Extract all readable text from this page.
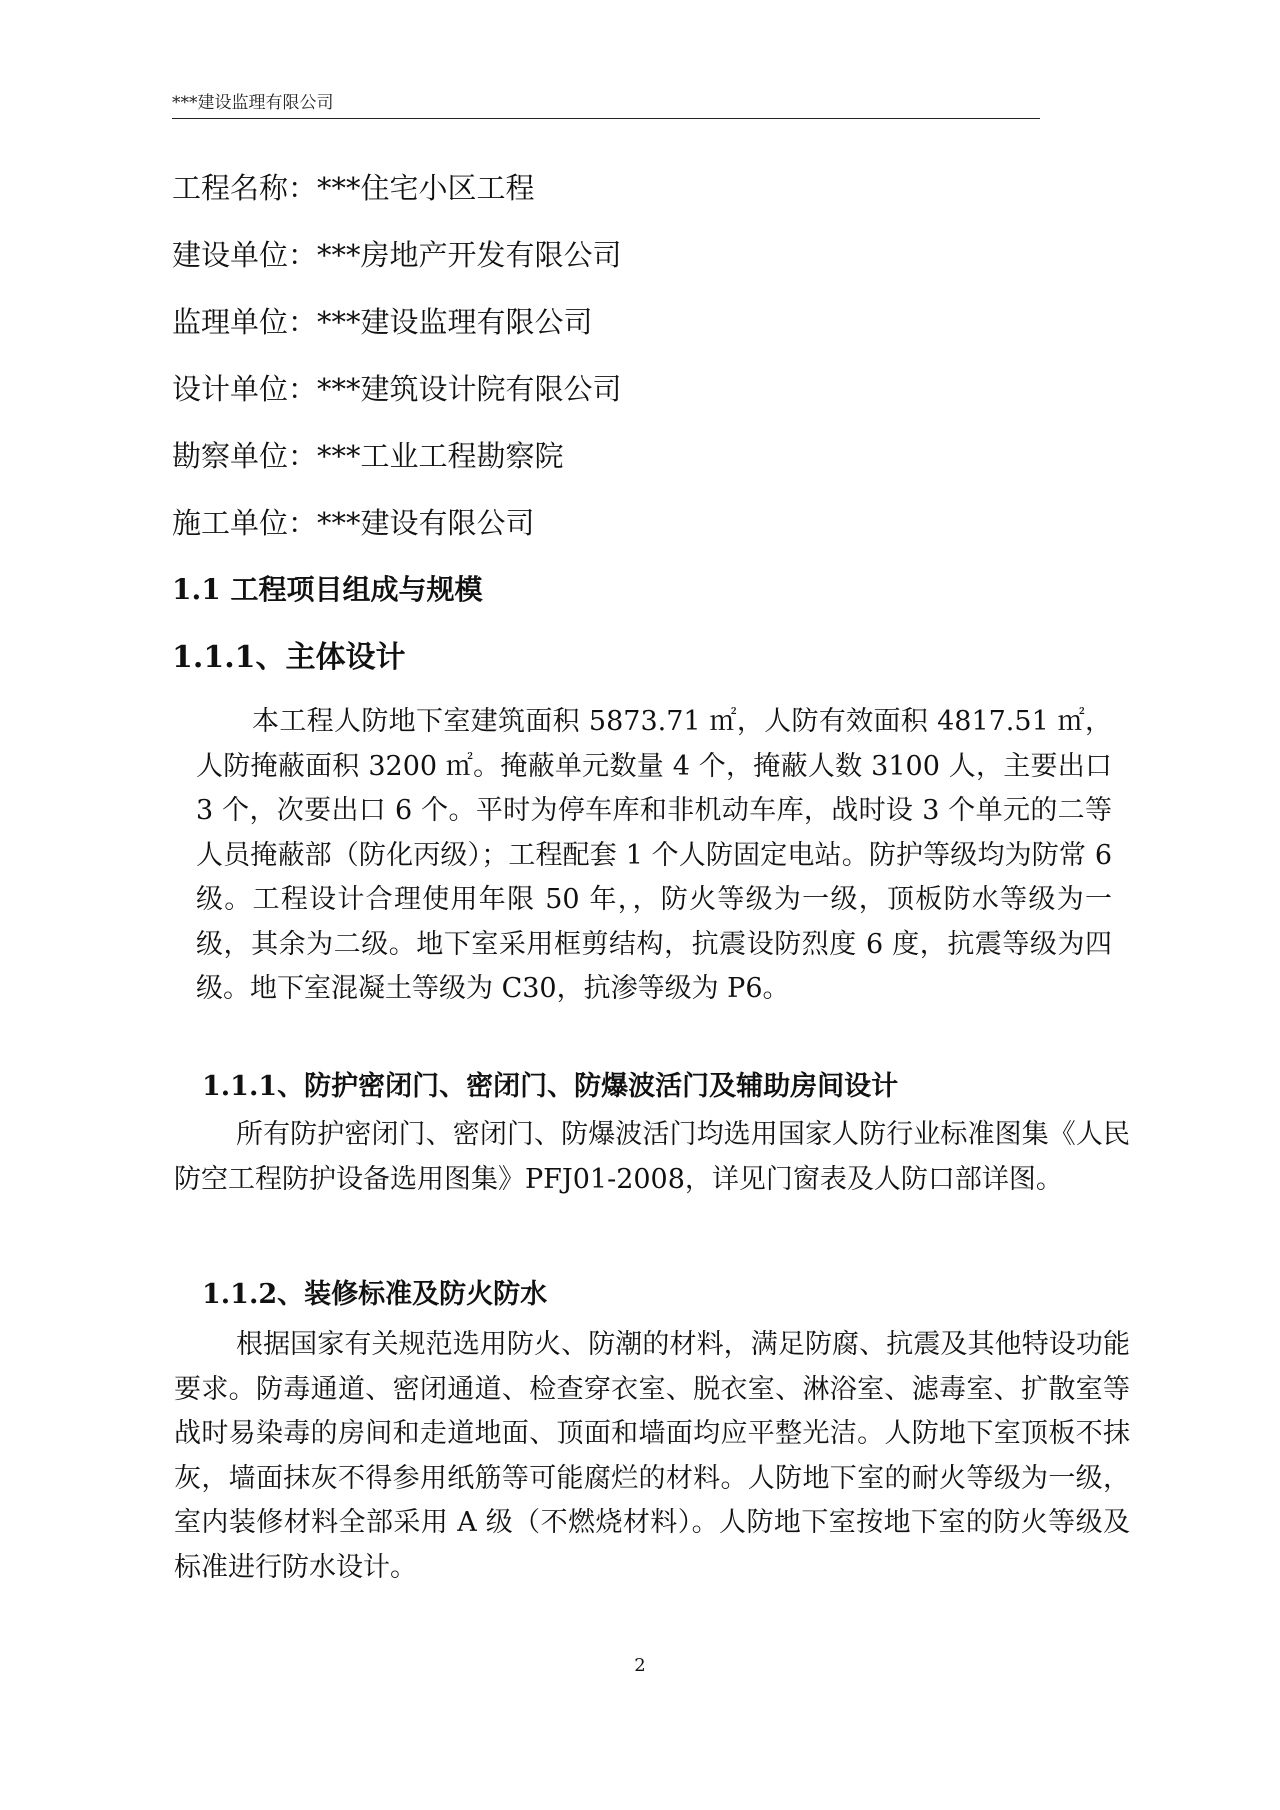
***建设监理有限公司
工程名称：***住宅小区工程
建设单位：***房地产开发有限公司
监理单位：***建设监理有限公司
设计单位：***建筑设计院有限公司
勘察单位：***工业工程勘察院
施工单位：***建设有限公司
1.1 工程项目组成与规模
1.1.1、主体设计

本工程人防地下室建筑面积 5873.71 ㎡，人防有效面积 4817.51 ㎡，人防掩蔽面积 3200 ㎡。掩蔽单元数量 4 个，掩蔽人数 3100 人，主要出口 3 个，次要出口 6 个。平时为停车库和非机动车库，战时设 3 个单元的二等人员掩蔽部（防化丙级）；工程配套 1 个人防固定电站。防护等级均为防常 6 级。工程设计合理使用年限 50 年，，防火等级为一级，顶板防水等级为一级，其余为二级。地下室采用框剪结构，抗震设防烈度 6 度，抗震等级为四级。地下室混凝土等级为 C30，抗渗等级为 P6。

1.1.1、防护密闭门、密闭门、防爆波活门及辅助房间设计

所有防护密闭门、密闭门、防爆波活门均选用国家人防行业标准图集《人民防空工程防护设备选用图集》PFJ01-2008，详见门窗表及人防口部详图。

1.1.2、装修标准及防火防水

根据国家有关规范选用防火、防潮的材料，满足防腐、抗震及其他特设功能要求。防毒通道、密闭通道、检查穿衣室、脱衣室、淋浴室、滤毒室、扩散室等战时易染毒的房间和走道地面、顶面和墙面均应平整光洁。人防地下室顶板不抹灰，墙面抹灰不得参用纸筋等可能腐烂的材料。人防地下室的耐火等级为一级，室内装修材料全部采用 A 级（不燃烧材料）。人防地下室按地下室的防火等级及标准进行防水设计。

2
